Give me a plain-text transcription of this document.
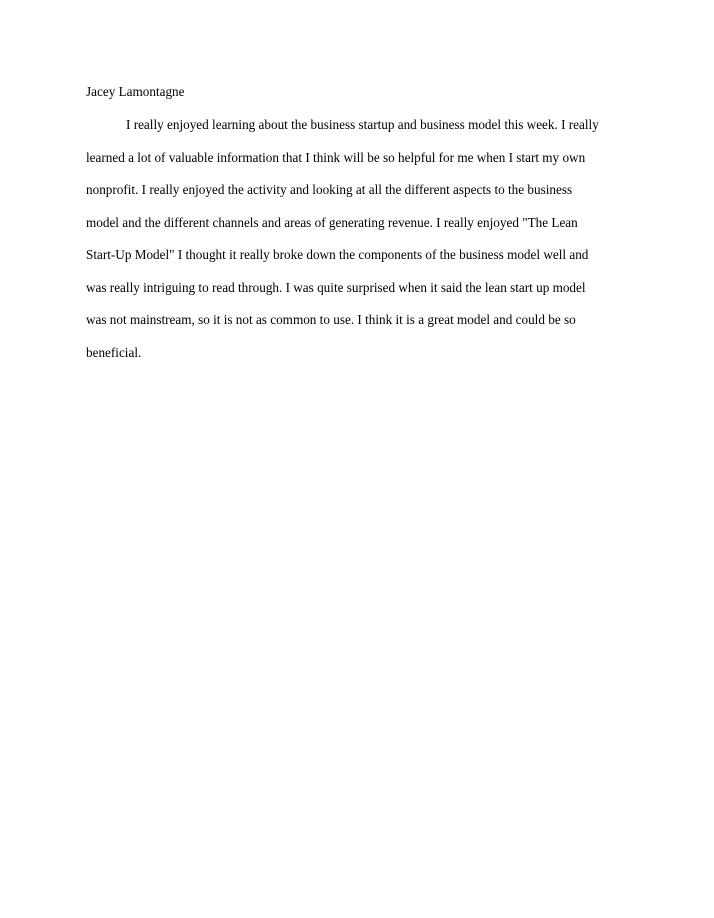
Jacey Lamontagne
I really enjoyed learning about the business startup and business model this week. I really
learned a lot of valuable information that I think will be so helpful for me when I start my own
nonprofit. I really enjoyed the activity and looking at all the different aspects to the business
model and the different channels and areas of generating revenue. I really enjoyed "The Lean
Start-Up Model" I thought it really broke down the components of the business model well and
was really intriguing to read through. I was quite surprised when it said the lean start up model
was not mainstream, so it is not as common to use. I think it is a great model and could be so
beneficial.
